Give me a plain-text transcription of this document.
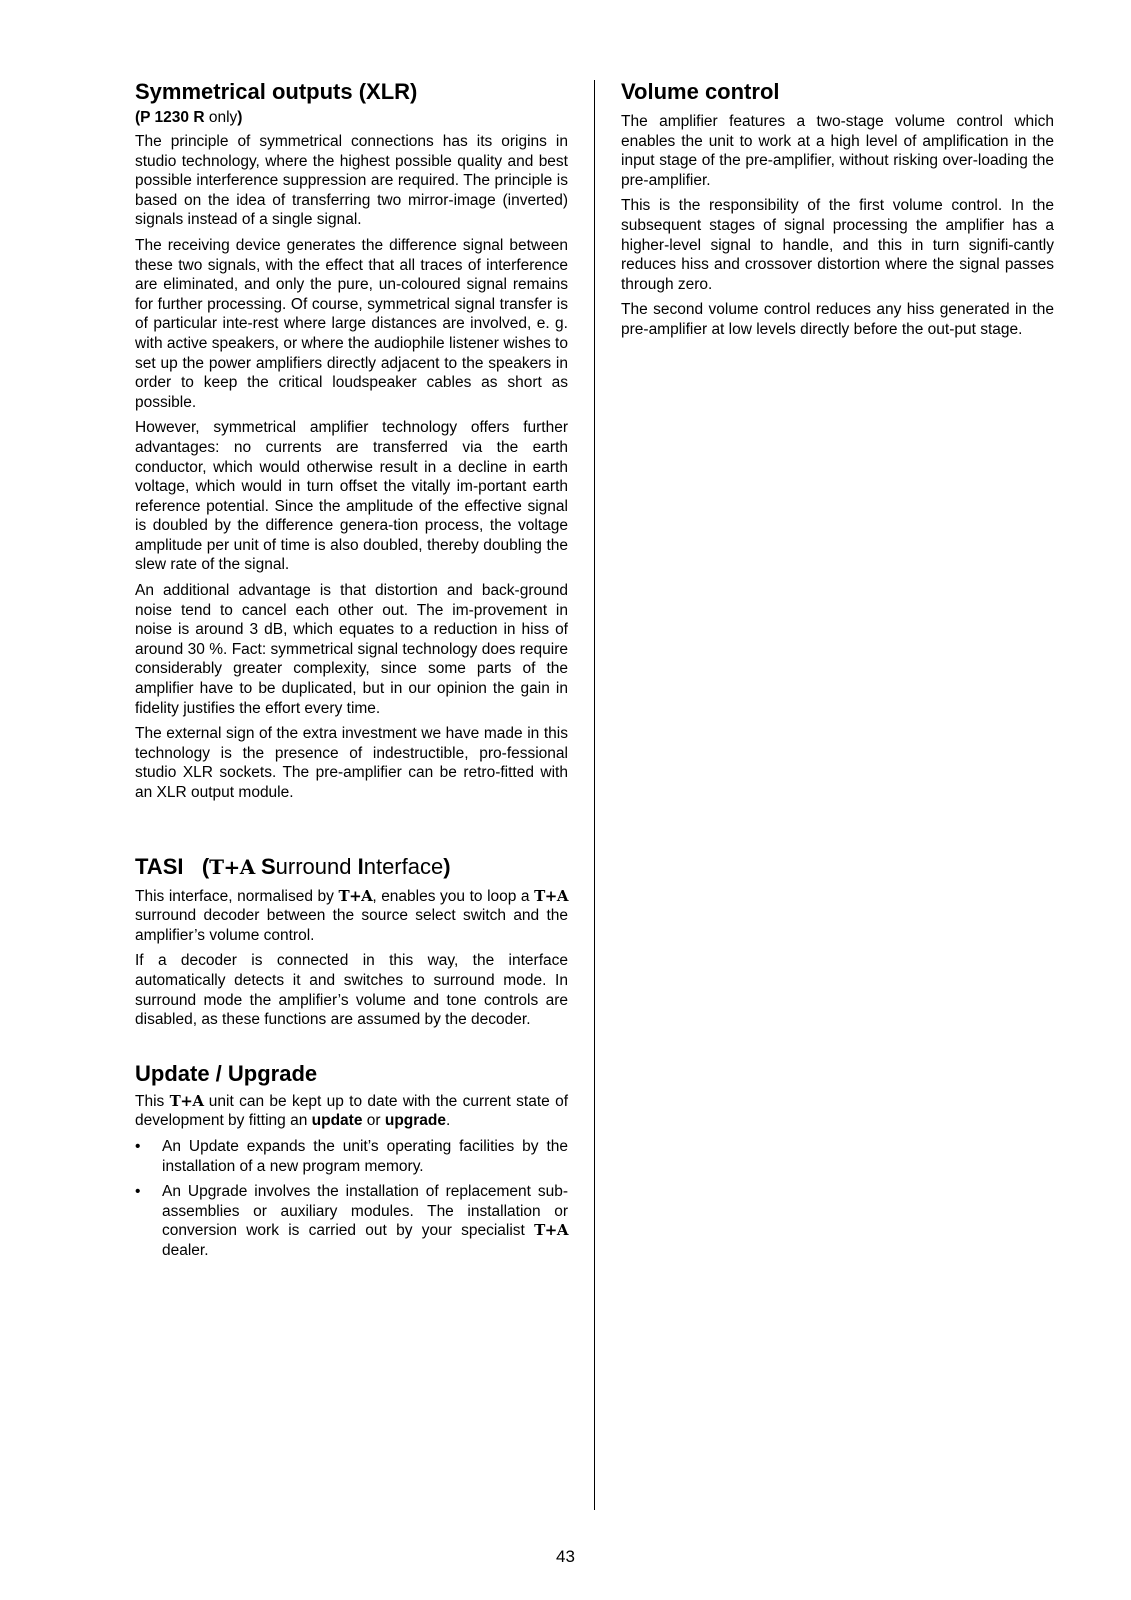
Symmetrical outputs (XLR)
(P 1230 R only)

The principle of symmetrical connections has its origins in studio technology, where the highest possible quality and best possible interference suppression are required. The principle is based on the idea of transferring two mirror-image (inverted) signals instead of a single signal.

The receiving device generates the difference signal between these two signals, with the effect that all traces of interference are eliminated, and only the pure, un-coloured signal remains for further processing. Of course, symmetrical signal transfer is of particular inte-rest where large distances are involved, e. g. with active speakers, or where the audiophile listener wishes to set up the power amplifiers directly adjacent to the speakers in order to keep the critical loudspeaker cables as short as possible.

However, symmetrical amplifier technology offers further advantages: no currents are transferred via the earth conductor, which would otherwise result in a decline in earth voltage, which would in turn offset the vitally im-portant earth reference potential. Since the amplitude of the effective signal is doubled by the difference genera-tion process, the voltage amplitude per unit of time is also doubled, thereby doubling the slew rate of the signal.

An additional advantage is that distortion and back-ground noise tend to cancel each other out. The im-provement in noise is around 3 dB, which equates to a reduction in hiss of around 30 %. Fact: symmetrical signal technology does require considerably greater complexity, since some parts of the amplifier have to be duplicated, but in our opinion the gain in fidelity justifies the effort every time.

The external sign of the extra investment we have made in this technology is the presence of indestructible, pro-fessional studio XLR sockets. The pre-amplifier can be retro-fitted with an XLR output module.

TASI (T+A Surround Interface)

This interface, normalised by T+A, enables you to loop a T+A surround decoder between the source select switch and the amplifier’s volume control.

If a decoder is connected in this way, the interface automatically detects it and switches to surround mode. In surround mode the amplifier’s volume and tone controls are disabled, as these functions are assumed by the decoder.

Update / Upgrade

This T+A unit can be kept up to date with the current state of development by fitting an update or upgrade.

• An Update expands the unit’s operating facilities by the installation of a new program memory.
• An Upgrade involves the installation of replacement sub-assemblies or auxiliary modules. The installation or conversion work is carried out by your specialist T+A dealer.
Volume control

The amplifier features a two-stage volume control which enables the unit to work at a high level of amplification in the input stage of the pre-amplifier, without risking over-loading the pre-amplifier.

This is the responsibility of the first volume control. In the subsequent stages of signal processing the amplifier has a higher-level signal to handle, and this in turn signifi-cantly reduces hiss and crossover distortion where the signal passes through zero.

The second volume control reduces any hiss generated in the pre-amplifier at low levels directly before the out-put stage.

43
